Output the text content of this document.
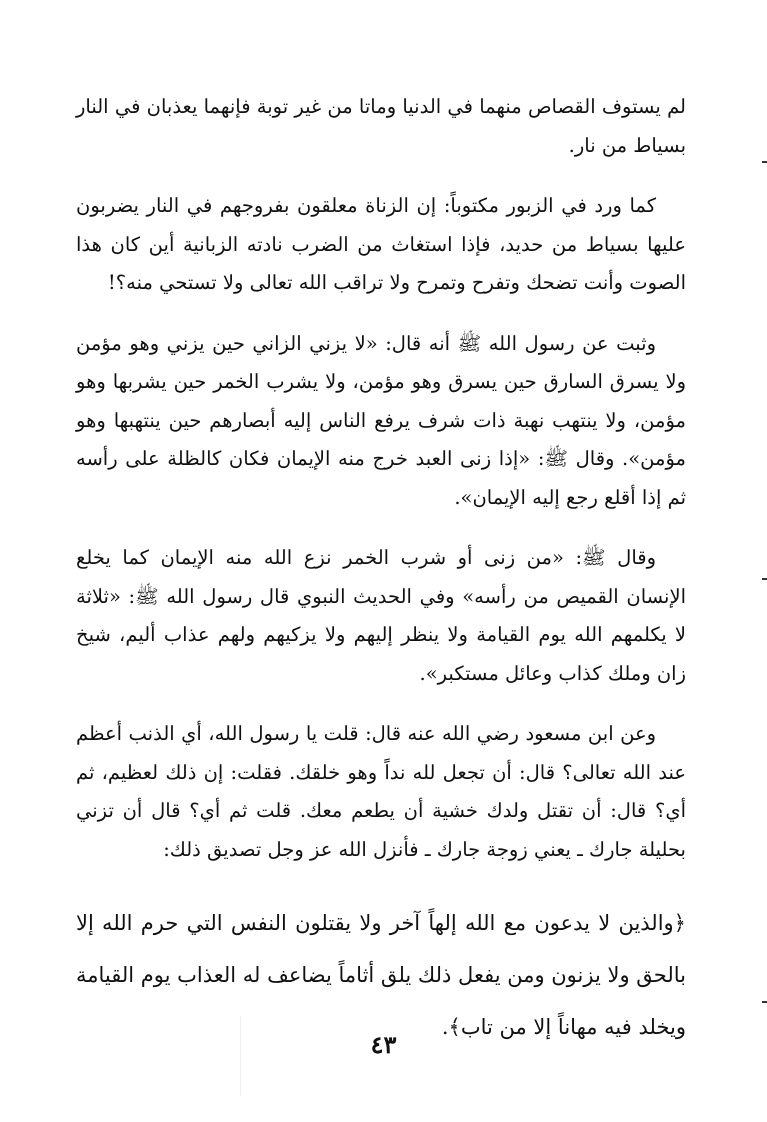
لم يستوف القصاص منهما في الدنيا وماتا من غير توبة فإنهما يعذبان في النار بسياط من نار.

كما ورد في الزبور مكتوباً: إن الزناة معلقون بفروجهم في النار يضربون عليها بسياط من حديد، فإذا استغاث من الضرب نادته الزبانية أين كان هذا الصوت وأنت تضحك وتفرح وتمرح ولا تراقب الله تعالى ولا تستحي منه؟!

وثبت عن رسول الله ﷺ أنه قال: «لا يزني الزاني حين يزني وهو مؤمن ولا يسرق السارق حين يسرق وهو مؤمن، ولا يشرب الخمر حين يشربها وهو مؤمن، ولا ينتهب نهبة ذات شرف يرفع الناس إليه أبصارهم حين ينتهبها وهو مؤمن». وقال ﷺ: «إذا زنى العبد خرج منه الإيمان فكان كالظلة على رأسه ثم إذا أقلع رجع إليه الإيمان».

وقال ﷺ: «من زنى أو شرب الخمر نزع الله منه الإيمان كما يخلع الإنسان القميص من رأسه» وفي الحديث النبوي قال رسول الله ﷺ: «ثلاثة لا يكلمهم الله يوم القيامة ولا ينظر إليهم ولا يزكيهم ولهم عذاب أليم، شيخ زان وملك كذاب وعائل مستكبر».

وعن ابن مسعود رضي الله عنه قال: قلت يا رسول الله، أي الذنب أعظم عند الله تعالى؟ قال: أن تجعل لله نداً وهو خلقك. فقلت: إن ذلك لعظيم، ثم أي؟ قال: أن تقتل ولدك خشية أن يطعم معك. قلت ثم أي؟ قال أن تزني بحليلة جارك ـ يعني زوجة جارك ـ فأنزل الله عز وجل تصديق ذلك:

﴿والذين لا يدعون مع الله إلهاً آخر ولا يقتلون النفس التي حرم الله إلا بالحق ولا يزنون ومن يفعل ذلك يلق أثاماً يضاعف له العذاب يوم القيامة ويخلد فيه مهاناً إلا من تاب﴾.

٤٣
